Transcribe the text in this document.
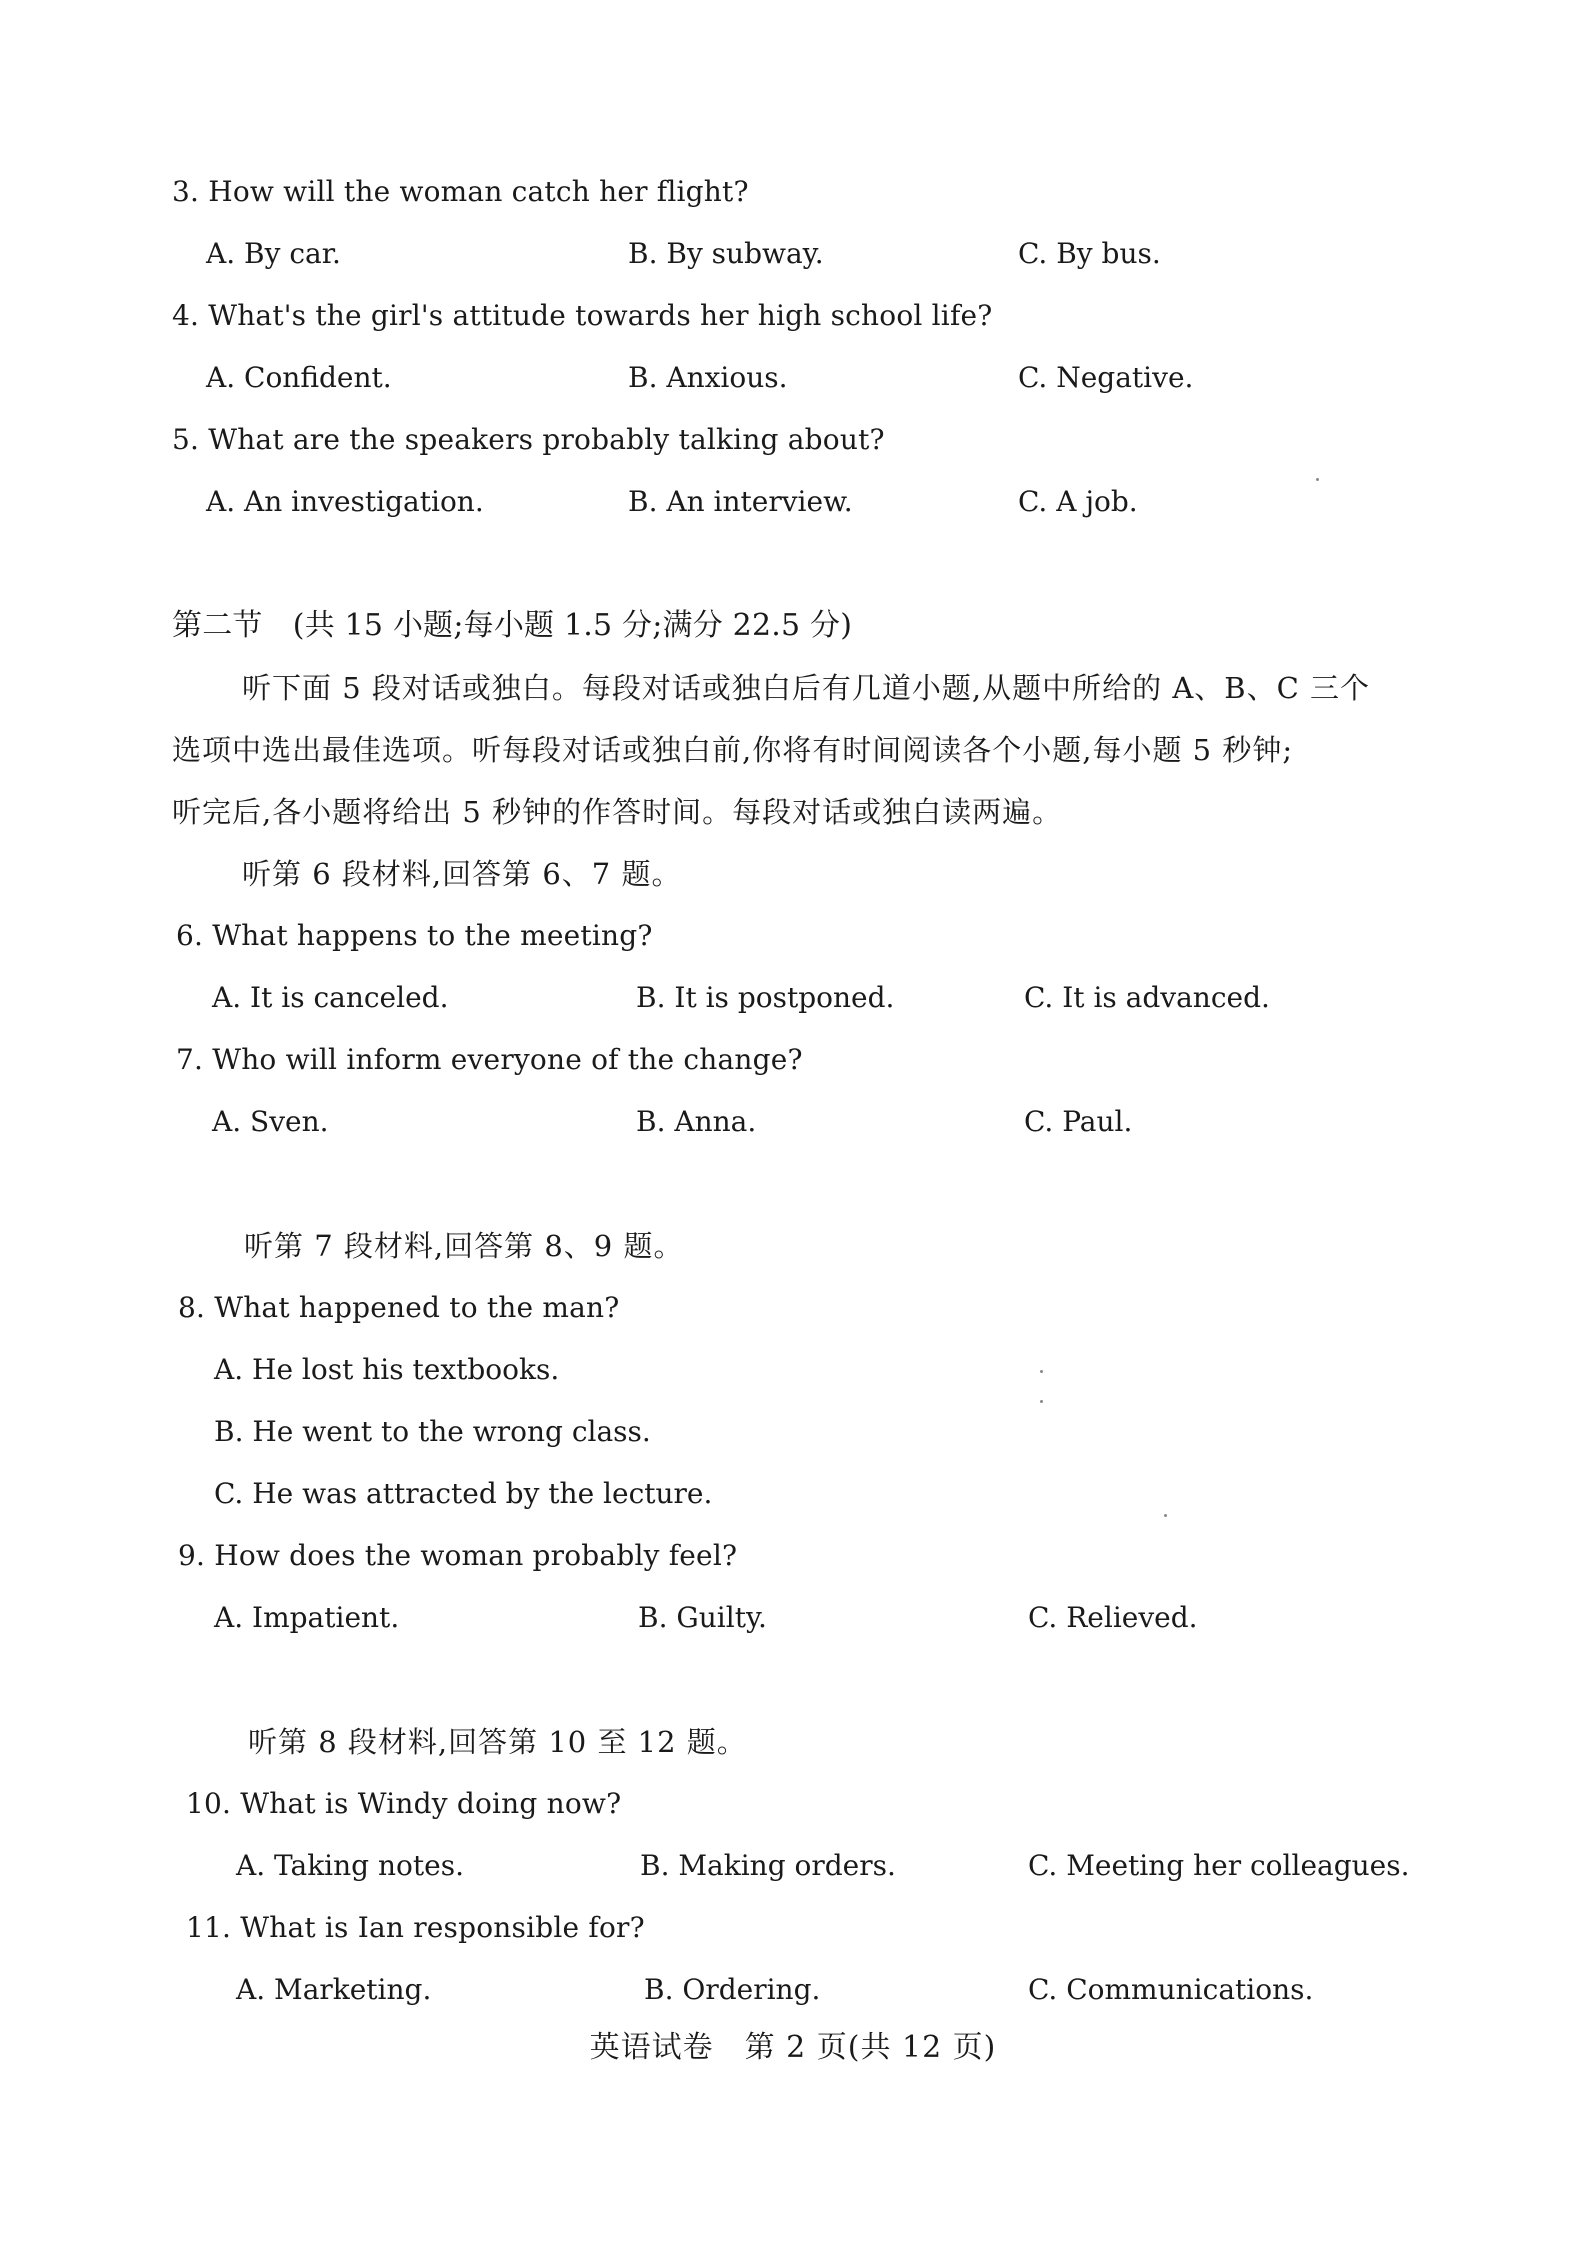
3. How will the woman catch her flight?
A. By car.	B. By subway.	C. By bus.
4. What's the girl's attitude towards her high school life?
A. Confident.	B. Anxious.	C. Negative.
5. What are the speakers probably talking about?
A. An investigation.	B. An interview.	C. A job.
第二节　(共 15 小题;每小题 1.5 分;满分 22.5 分)
听下面 5 段对话或独白。每段对话或独白后有几道小题,从题中所给的 A、B、C 三个
选项中选出最佳选项。听每段对话或独白前,你将有时间阅读各个小题,每小题 5 秒钟;
听完后,各小题将给出 5 秒钟的作答时间。每段对话或独白读两遍。
听第 6 段材料,回答第 6、7 题。
6. What happens to the meeting?
A. It is canceled.	B. It is postponed.	C. It is advanced.
7. Who will inform everyone of the change?
A. Sven.	B. Anna.	C. Paul.
听第 7 段材料,回答第 8、9 题。
8. What happened to the man?
A. He lost his textbooks.
B. He went to the wrong class.
C. He was attracted by the lecture.
9. How does the woman probably feel?
A. Impatient.	B. Guilty.	C. Relieved.
听第 8 段材料,回答第 10 至 12 题。
10. What is Windy doing now?
A. Taking notes.	B. Making orders.	C. Meeting her colleagues.
11. What is Ian responsible for?
A. Marketing.	B. Ordering.	C. Communications.
英语试卷　第 2 页(共 12 页)
